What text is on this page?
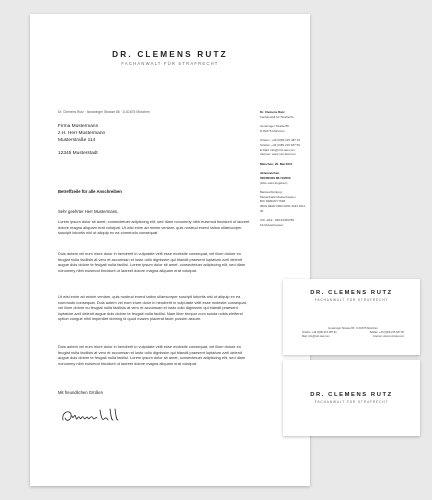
DR. CLEMENS RUTZ
FACHANWALT FÜR STRAFRECHT
Dr. Clemens Rutz · Ismaninger Strasse 86 · D-81675 München
Firma Mustermann
z.H. Herr Mustermann
Musterstraße 114
12345 Musterstadt
Betreffzeile für alle Anschreiben
Sehr geehrter Herr Mustermann,
Lorem ipsum dolor sit amet, consectetuer adipiscing elit, sed diam nonummy nibh euismod tincidunt ut laoreet dolore magna aliquam erat volutpat. Ut wisi enim ad minim veniam, quis nostrud exerci tation ullamcorper suscipit lobortis nisl ut aliquip ex ea commodo consequat.
Duis autem vel eum iriure dolor in hendrerit in vulputate velit esse molestie consequat, vel illum dolore eu feugiat nulla facilisis at vero et accumsan et iusto odio dignissim qui blandit praesent luptatum zzril delenit augue duis dolore te feugait nulla facilisi. Lorem ipsum dolor sit amet, consectetuer adipiscing elit, sed diam nonummy nibh euismod tincidunt ut laoreet dolore magna aliquam erat volutpat.
Ut wisi enim ad minim veniam, quis nostrud exerci tation ullamcorper suscipit lobortis nisl ut aliquip ex ea commodo consequat. Duis autem vel eum iriure dolor in hendrerit in vulputate velit esse molestie consequat, vel illum dolore eu feugiat nulla facilisis at vero et accumsan et iusto odio dignissim qui blandit praesent luptatum zzril delenit augue duis dolore te feugait nulla facilisi. Nam liber tempor cum soluta nobis eleifend option congue nihil imperdiet doming id quod mazim placerat facer possim assum.
Duis autem vel eum iriure dolor in hendrerit in vulputate velit esse molestie consequat, vel illum dolore eu feugiat nulla facilisis at vero et accumsan et iusto odio dignissim qui blandit praesent luptatum zzril delenit augue duis dolore te feugait nulla facilisi. Lorem ipsum dolor sit amet, consectetuer adipiscing elit, sed diam nonummy nibh euismod tincidunt ut laoreet dolore magna aliquam erat volutpat.
Mit freundlichen Grüßen
Dr. Clemens Rutz
Fachanwalt für Strafrecht
Ismaninger Straße 86
D-81675 München
Telefon: +49 (0)89 215 487 91
Telefax: +49 (0)89 215 487 56
E-Mail: info@rutz-law.com
Internet: www.rutz-law.com
München, 20. Mai 2015
Aktenzeichen
000/000/00 MU 00/000
(bitte stets angeben)
Bankverbindung:
Musterbank Musterhausen
BIC DEBANYYMM
IBAN DE00 0000 0000 4433 2211 00
USt.-IdNr.: DE123456789
FA Musterhausen
DR. CLEMENS RUTZ
FACHANWALT FÜR STRAFRECHT
Ismaninger Strasse 86 · D-81675 München
Telefon: +49 (0)89 215 487 91	Telefax: +49 (0)89 215 487 56
Mail: info@rutz-law.com	Internet: www.rutz-law.com
DR. CLEMENS RUTZ
FACHANWALT FÜR STRAFRECHT
